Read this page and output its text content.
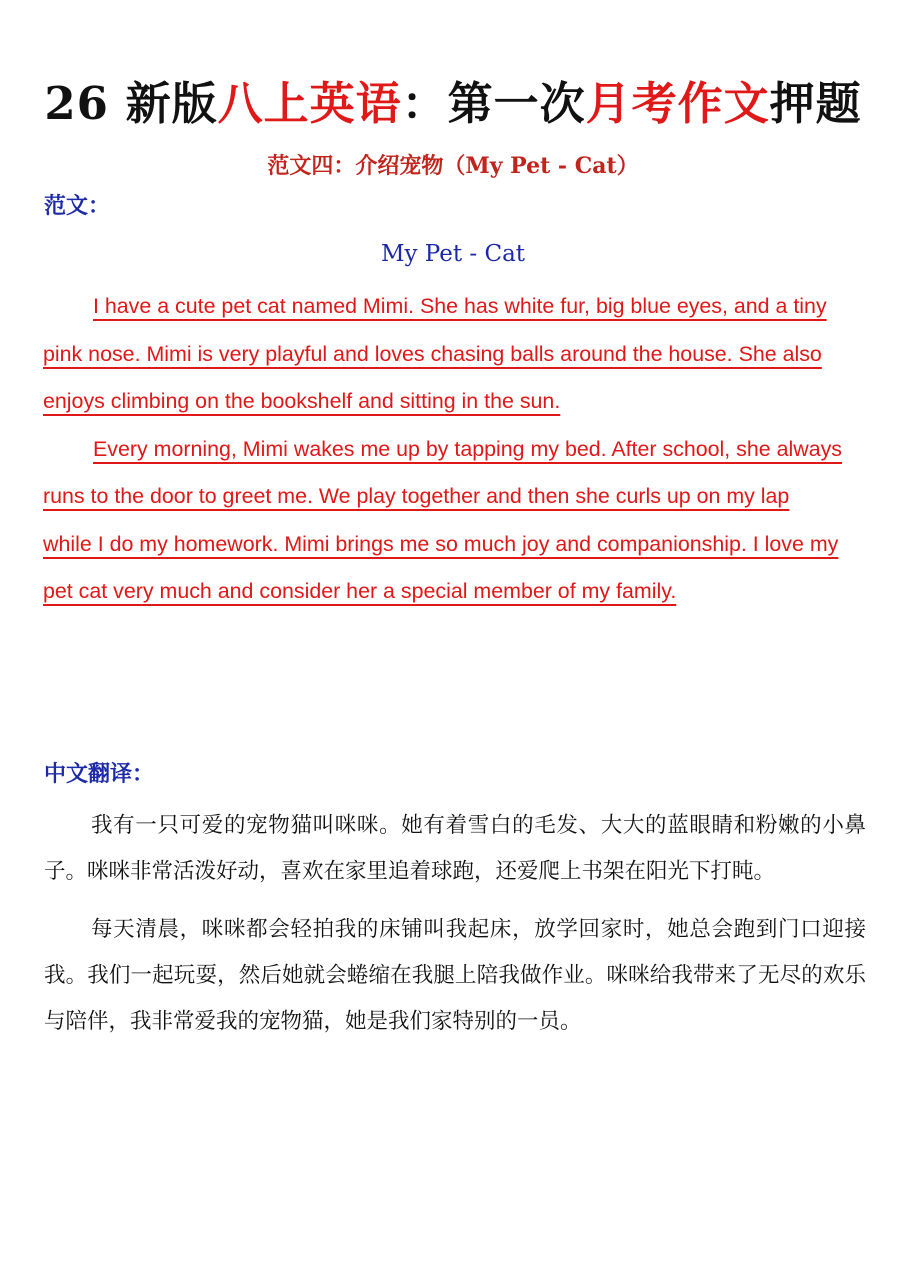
26 新版八上英语：第一次月考作文押题
范文四：介绍宠物（My Pet - Cat）
范文：
My Pet - Cat

I have a cute pet cat named Mimi. She has white fur, big blue eyes, and a tiny pink nose. Mimi is very playful and loves chasing balls around the house. She also enjoys climbing on the bookshelf and sitting in the sun.

Every morning, Mimi wakes me up by tapping my bed. After school, she always runs to the door to greet me. We play together and then she curls up on my lap while I do my homework. Mimi brings me so much joy and companionship. I love my pet cat very much and consider her a special member of my family.

中文翻译：

我有一只可爱的宠物猫叫咪咪。她有着雪白的毛发、大大的蓝眼睛和粉嫩的小鼻子。咪咪非常活泼好动，喜欢在家里追着球跑，还爱爬上书架在阳光下打盹。

每天清晨，咪咪都会轻拍我的床铺叫我起床，放学回家时，她总会跑到门口迎接我。我们一起玩耍，然后她就会蜷缩在我腿上陪我做作业。咪咪给我带来了无尽的欢乐与陪伴，我非常爱我的宠物猫，她是我们家特别的一员。
